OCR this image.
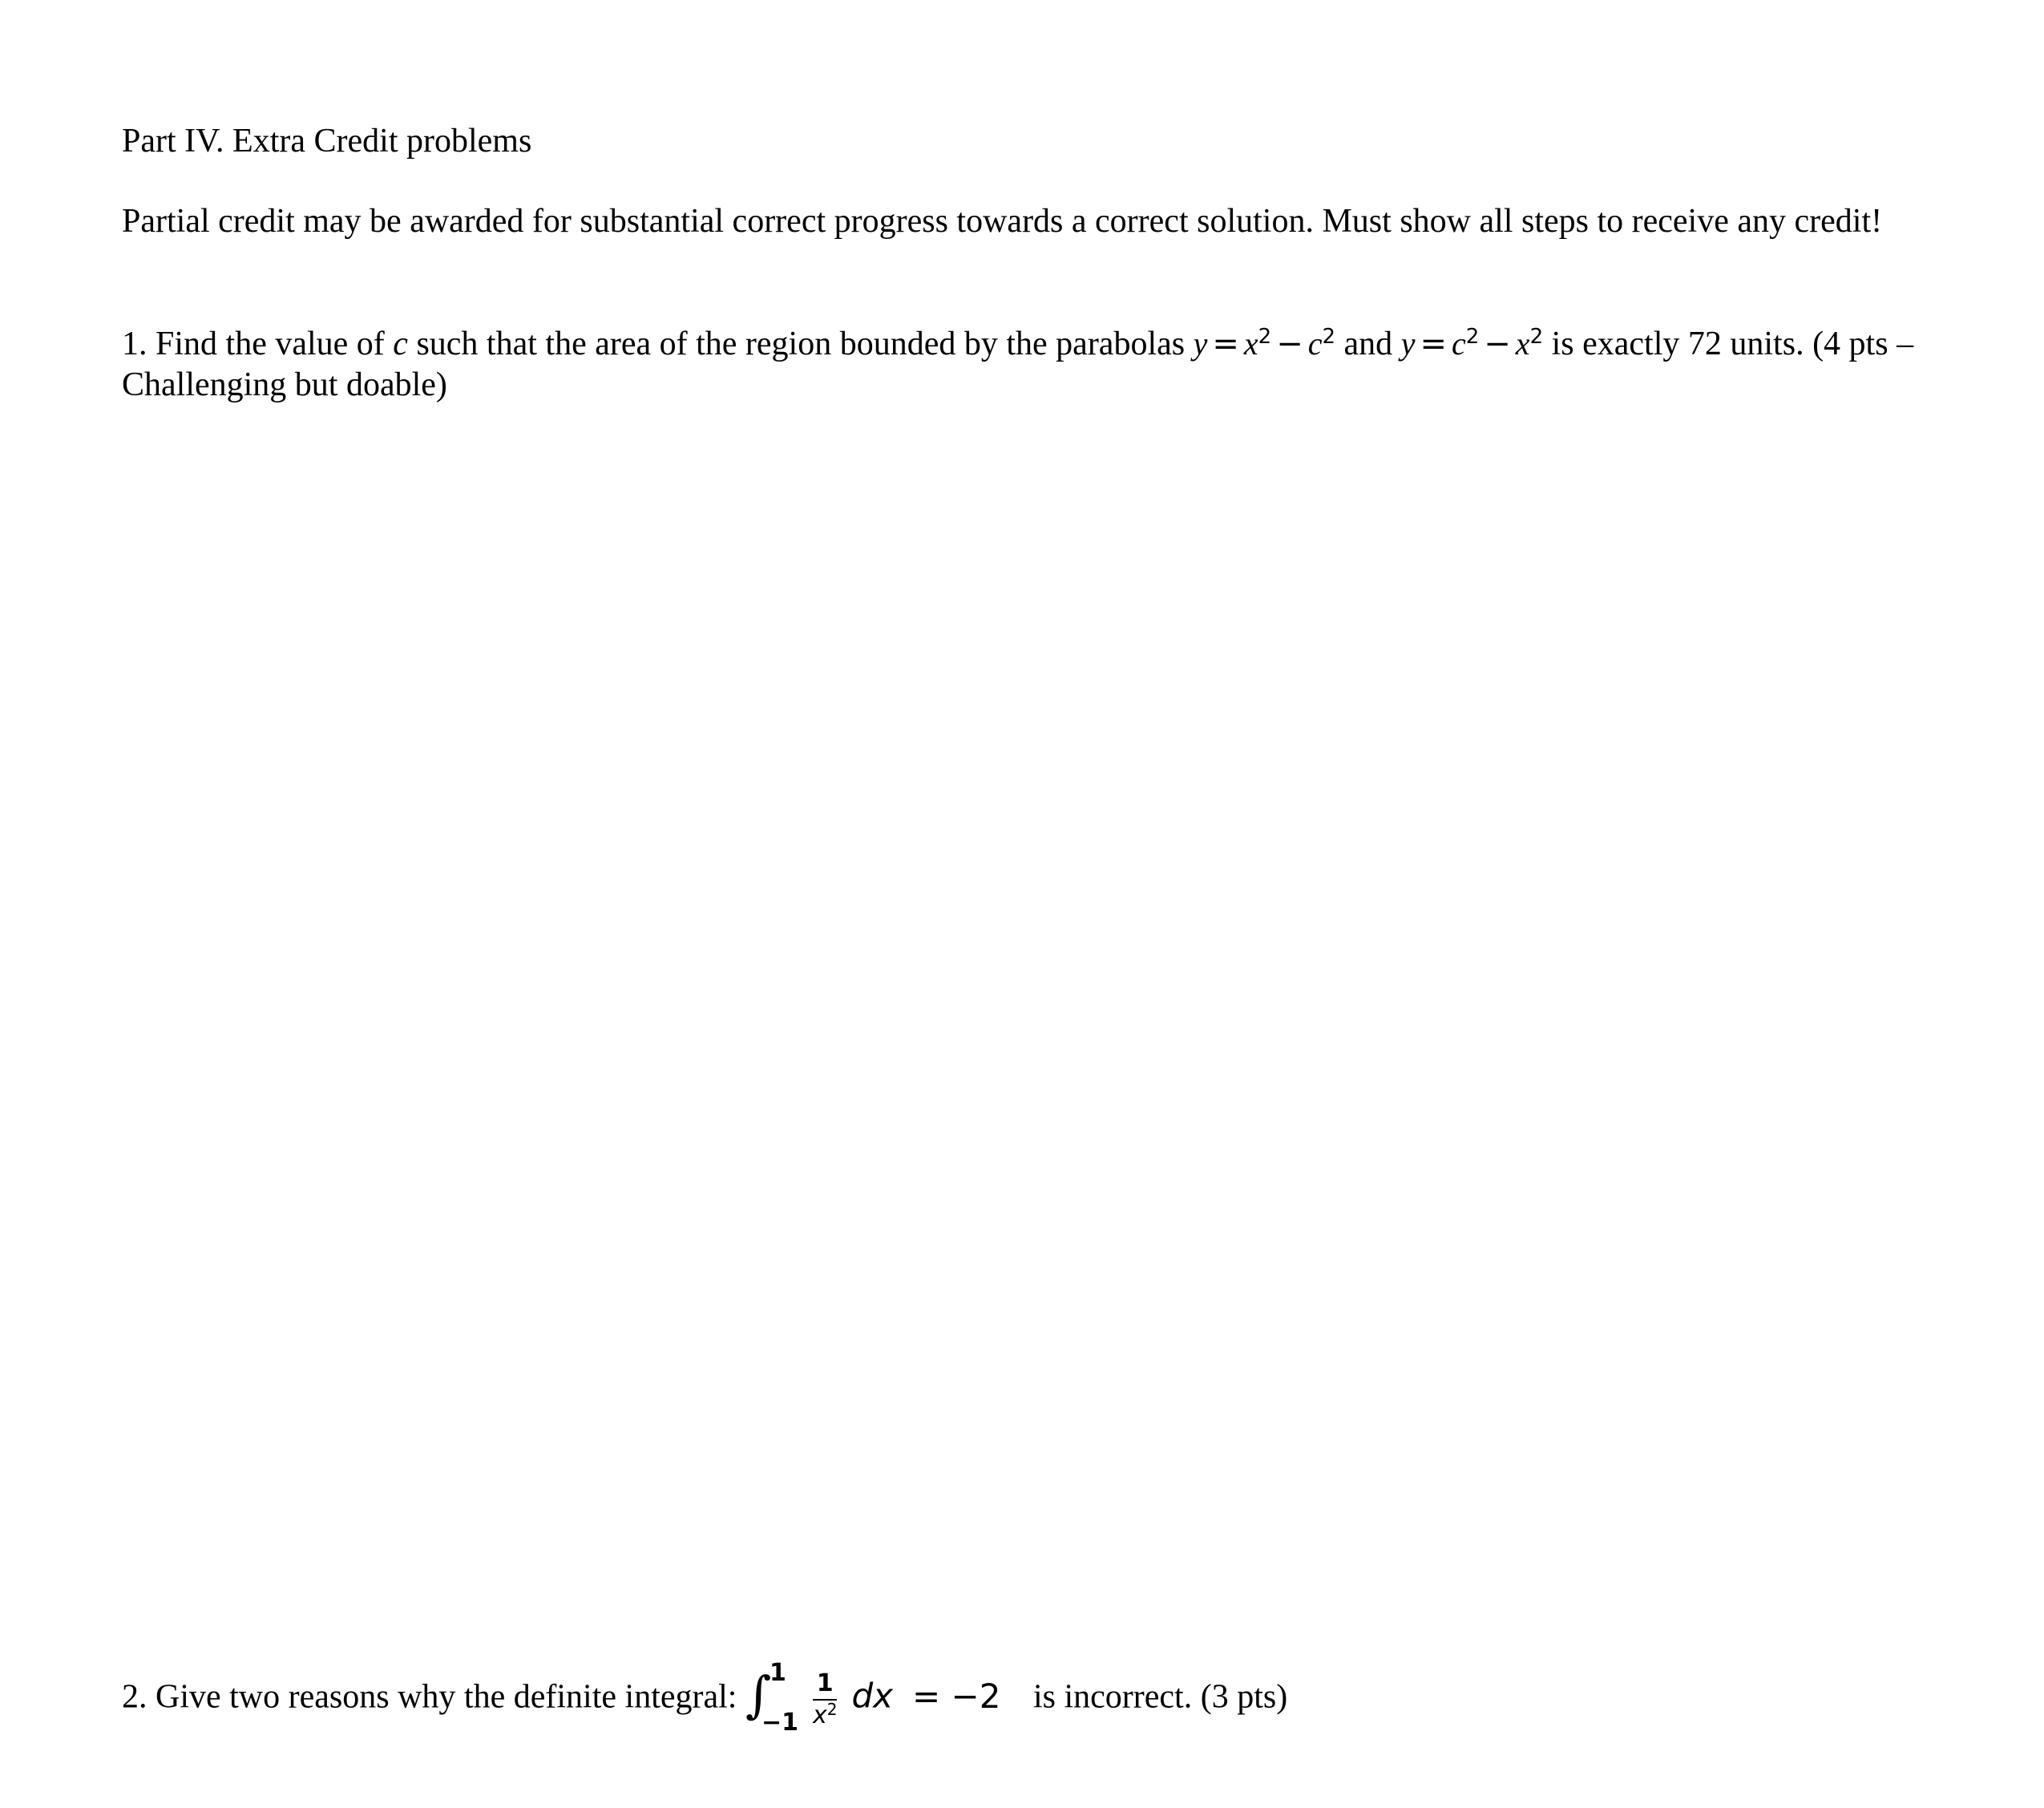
Part IV. Extra Credit problems
Partial credit may be awarded for substantial correct progress towards a correct solution. Must show all steps to receive any credit!
1. Find the value of c such that the area of the region bounded by the parabolas $y = x^2 - c^2$ and $y = c^2 - x^2$ is exactly 72 units. (4 pts – Challenging but doable)
2. Give two reasons why the definite integral: ∫
1
$-1 \frac{1}{x^2}$ dx = −2 is incorrect. (3 pts)
